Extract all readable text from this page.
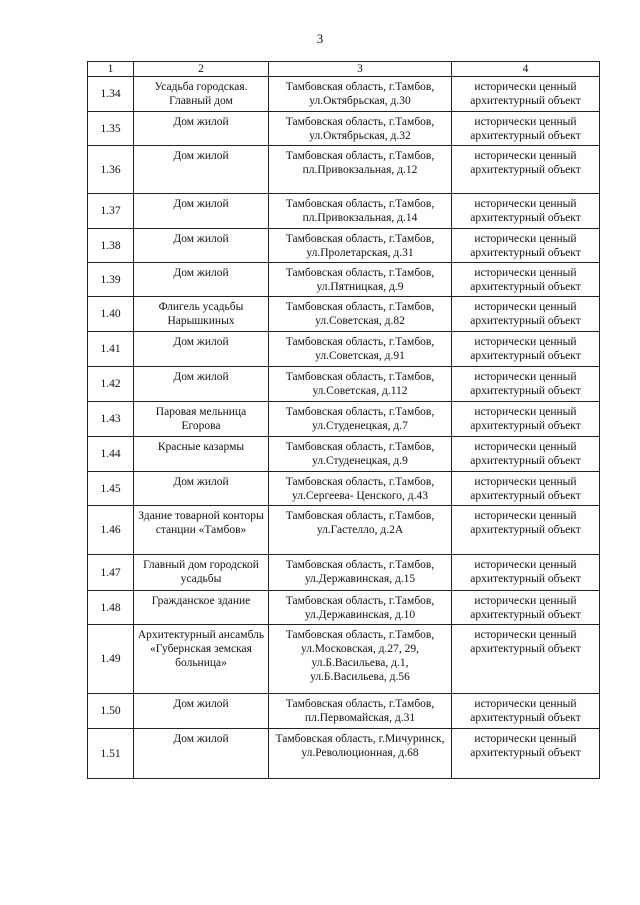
3
1	2	3	4
1.34	Усадьба городская. Главный дом	Тамбовская область, г.Тамбов, ул.Октябрьская, д.30	исторически ценный архитектурный объект
1.35	Дом жилой	Тамбовская область, г.Тамбов, ул.Октябрьская, д.32	исторически ценный архитектурный объект
1.36	Дом жилой	Тамбовская область, г.Тамбов, пл.Привокзальная, д.12	исторически ценный архитектурный объект
1.37	Дом жилой	Тамбовская область, г.Тамбов, пл.Привокзальная, д.14	исторически ценный архитектурный объект
1.38	Дом жилой	Тамбовская область, г.Тамбов, ул.Пролетарская, д.31	исторически ценный архитектурный объект
1.39	Дом жилой	Тамбовская область, г.Тамбов, ул.Пятницкая, д.9	исторически ценный архитектурный объект
1.40	Флигель усадьбы Нарышкиных	Тамбовская область, г.Тамбов, ул.Советская, д.82	исторически ценный архитектурный объект
1.41	Дом жилой	Тамбовская область, г.Тамбов, ул.Советская, д.91	исторически ценный архитектурный объект
1.42	Дом жилой	Тамбовская область, г.Тамбов, ул.Советская, д.112	исторически ценный архитектурный объект
1.43	Паровая мельница Егорова	Тамбовская область, г.Тамбов, ул.Студенецкая, д.7	исторически ценный архитектурный объект
1.44	Красные казармы	Тамбовская область, г.Тамбов, ул.Студенецкая, д.9	исторически ценный архитектурный объект
1.45	Дом жилой	Тамбовская область, г.Тамбов, ул.Сергеева- Ценского, д.43	исторически ценный архитектурный объект
1.46	Здание товарной конторы станции «Тамбов»	Тамбовская область, г.Тамбов, ул.Гастелло, д.2А	исторически ценный архитектурный объект
1.47	Главный дом городской усадьбы	Тамбовская область, г.Тамбов, ул.Державинская, д.15	исторически ценный архитектурный объект
1.48	Гражданское здание	Тамбовская область, г.Тамбов, ул.Державинская, д.10	исторически ценный архитектурный объект
1.49	Архитектурный ансамбль «Губернская земская больница»	Тамбовская область, г.Тамбов, ул.Московская, д.27, 29, ул.Б.Васильева, д.1, ул.Б.Васильева, д.56	исторически ценный архитектурный объект
1.50	Дом жилой	Тамбовская область, г.Тамбов, пл.Первомайская, д.31	исторически ценный архитектурный объект
1.51	Дом жилой	Тамбовская область, г.Мичуринск, ул.Революционная, д.68	исторически ценный архитектурный объект
